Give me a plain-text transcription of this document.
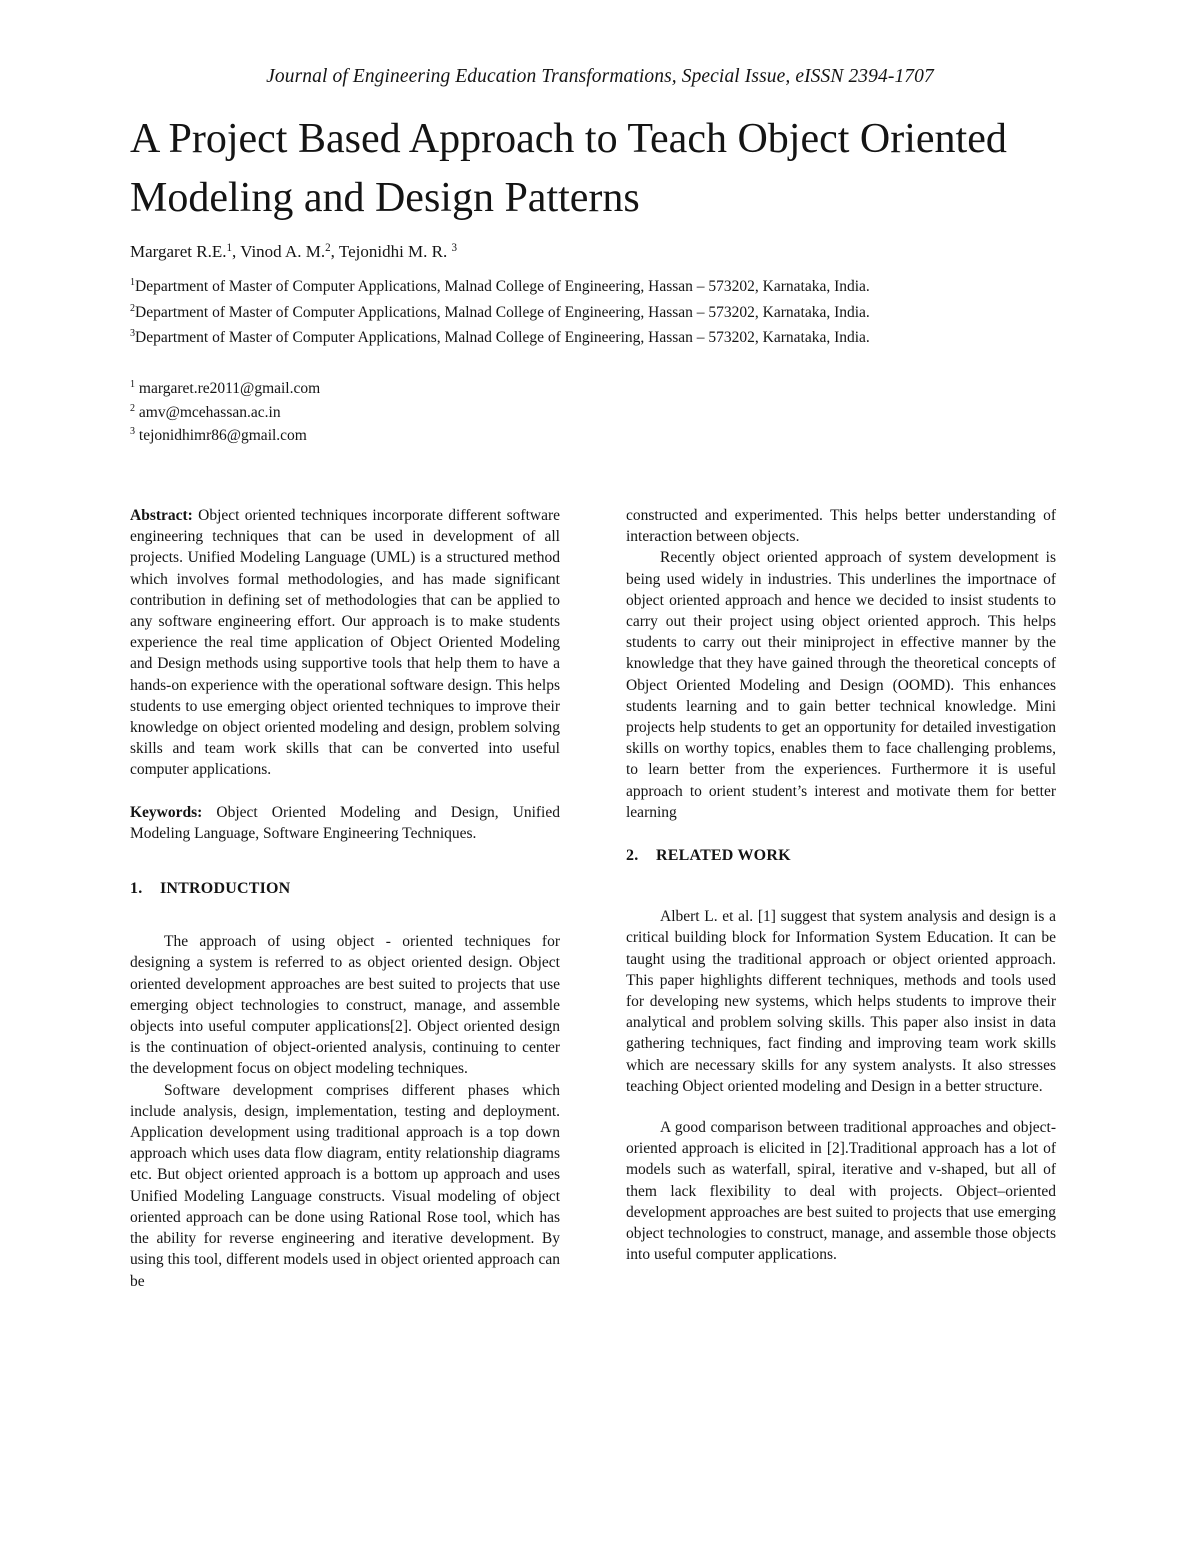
Journal of Engineering Education Transformations, Special Issue, eISSN 2394-1707
A Project Based Approach to Teach Object Oriented Modeling and Design Patterns
Margaret R.E.$^1$, Vinod A. M.$^2$, Tejonidhi M. R. $^3$
$^1$Department of Master of Computer Applications, Malnad College of Engineering, Hassan – 573202, Karnataka, India.
$^2$Department of Master of Computer Applications, Malnad College of Engineering, Hassan – 573202, Karnataka, India.
$^3$Department of Master of Computer Applications, Malnad College of Engineering, Hassan – 573202, Karnataka, India.
$^1$ margaret.re2011@gmail.com
$^2$ amv@mcehassan.ac.in
$^3$ tejonidhimr86@gmail.com

Abstract: Object oriented techniques incorporate different software engineering techniques that can be used in development of all projects. Unified Modeling Language (UML) is a structured method which involves formal methodologies, and has made significant contribution in defining set of methodologies that can be applied to any software engineering effort. Our approach is to make students experience the real time application of Object Oriented Modeling and Design methods using supportive tools that help them to have a hands-on experience with the operational software design. This helps students to use emerging object oriented techniques to improve their knowledge on object oriented modeling and design, problem solving skills and team work skills that can be converted into useful computer applications.

Keywords: Object Oriented Modeling and Design, Unified Modeling Language, Software Engineering Techniques.

1. INTRODUCTION

The approach of using object - oriented techniques for designing a system is referred to as object oriented design. Object oriented development approaches are best suited to projects that use emerging object technologies to construct, manage, and assemble objects into useful computer applications[2]. Object oriented design is the continuation of object-oriented analysis, continuing to center the development focus on object modeling techniques.

Software development comprises different phases which include analysis, design, implementation, testing and deployment. Application development using traditional approach is a top down approach which uses data flow diagram, entity relationship diagrams etc. But object oriented approach is a bottom up approach and uses Unified Modeling Language constructs. Visual modeling of object oriented approach can be done using Rational Rose tool, which has the ability for reverse engineering and iterative development. By using this tool, different models used in object oriented approach can be

constructed and experimented. This helps better understanding of interaction between objects.

Recently object oriented approach of system development is being used widely in industries. This underlines the importnace of object oriented approach and hence we decided to insist students to carry out their project using object oriented approch. This helps students to carry out their miniproject in effective manner by the knowledge that they have gained through the theoretical concepts of Object Oriented Modeling and Design (OOMD). This enhances students learning and to gain better technical knowledge. Mini projects help students to get an opportunity for detailed investigation skills on worthy topics, enables them to face challenging problems, to learn better from the experiences. Furthermore it is useful approach to orient student’s interest and motivate them for better learning

2. RELATED WORK

Albert L. et al. [1] suggest that system analysis and design is a critical building block for Information System Education. It can be taught using the traditional approach or object oriented approach. This paper highlights different techniques, methods and tools used for developing new systems, which helps students to improve their analytical and problem solving skills. This paper also insist in data gathering techniques, fact finding and improving team work skills which are necessary skills for any system analysts. It also stresses teaching Object oriented modeling and Design in a better structure.

A good comparison between traditional approaches and object-oriented approach is elicited in [2].Traditional approach has a lot of models such as waterfall, spiral, iterative and v-shaped, but all of them lack flexibility to deal with projects. Object–oriented development approaches are best suited to projects that use emerging object technologies to construct, manage, and assemble those objects into useful computer applications.
